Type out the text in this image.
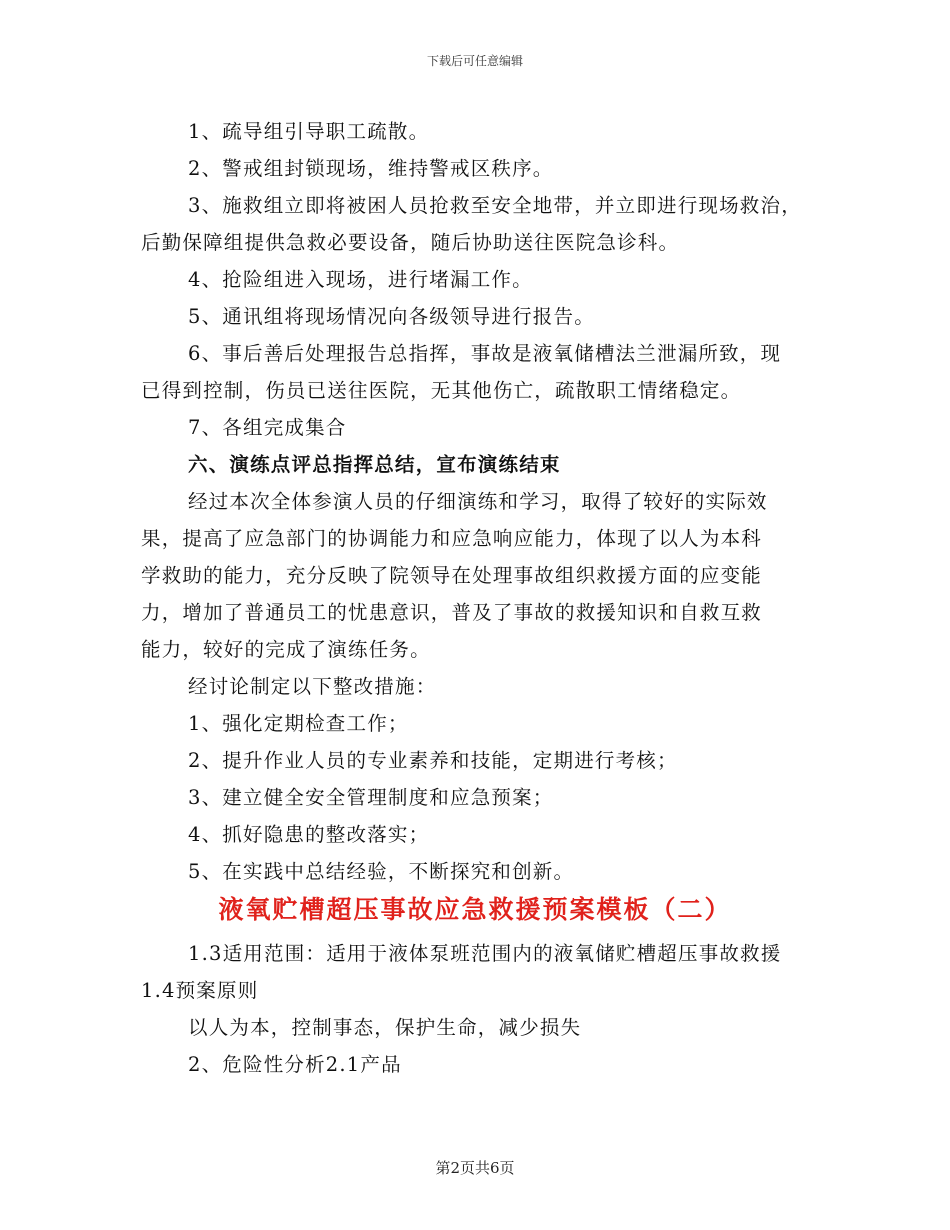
下载后可任意编辑
1、疏导组引导职工疏散。
2、警戒组封锁现场，维持警戒区秩序。
3、施救组立即将被困人员抢救至安全地带，并立即进行现场救治，
后勤保障组提供急救必要设备，随后协助送往医院急诊科。
4、抢险组进入现场，进行堵漏工作。
5、通讯组将现场情况向各级领导进行报告。
6、事后善后处理报告总指挥，事故是液氧储槽法兰泄漏所致，现
已得到控制，伤员已送往医院，无其他伤亡，疏散职工情绪稳定。
7、各组完成集合
六、演练点评总指挥总结，宣布演练结束
经过本次全体参演人员的仔细演练和学习，取得了较好的实际效
果，提高了应急部门的协调能力和应急响应能力，体现了以人为本科
学救助的能力，充分反映了院领导在处理事故组织救援方面的应变能
力，增加了普通员工的忧患意识，普及了事故的救援知识和自救互救
能力，较好的完成了演练任务。
经讨论制定以下整改措施：
1、强化定期检查工作；
2、提升作业人员的专业素养和技能，定期进行考核；
3、建立健全安全管理制度和应急预案；
4、抓好隐患的整改落实；
5、在实践中总结经验，不断探究和创新。
液氧贮槽超压事故应急救援预案模板（二）
1.3适用范围：适用于液体泵班范围内的液氧储贮槽超压事故救援
1.4预案原则
以人为本，控制事态，保护生命，减少损失
2、危险性分析2.1产品
第2页共6页
